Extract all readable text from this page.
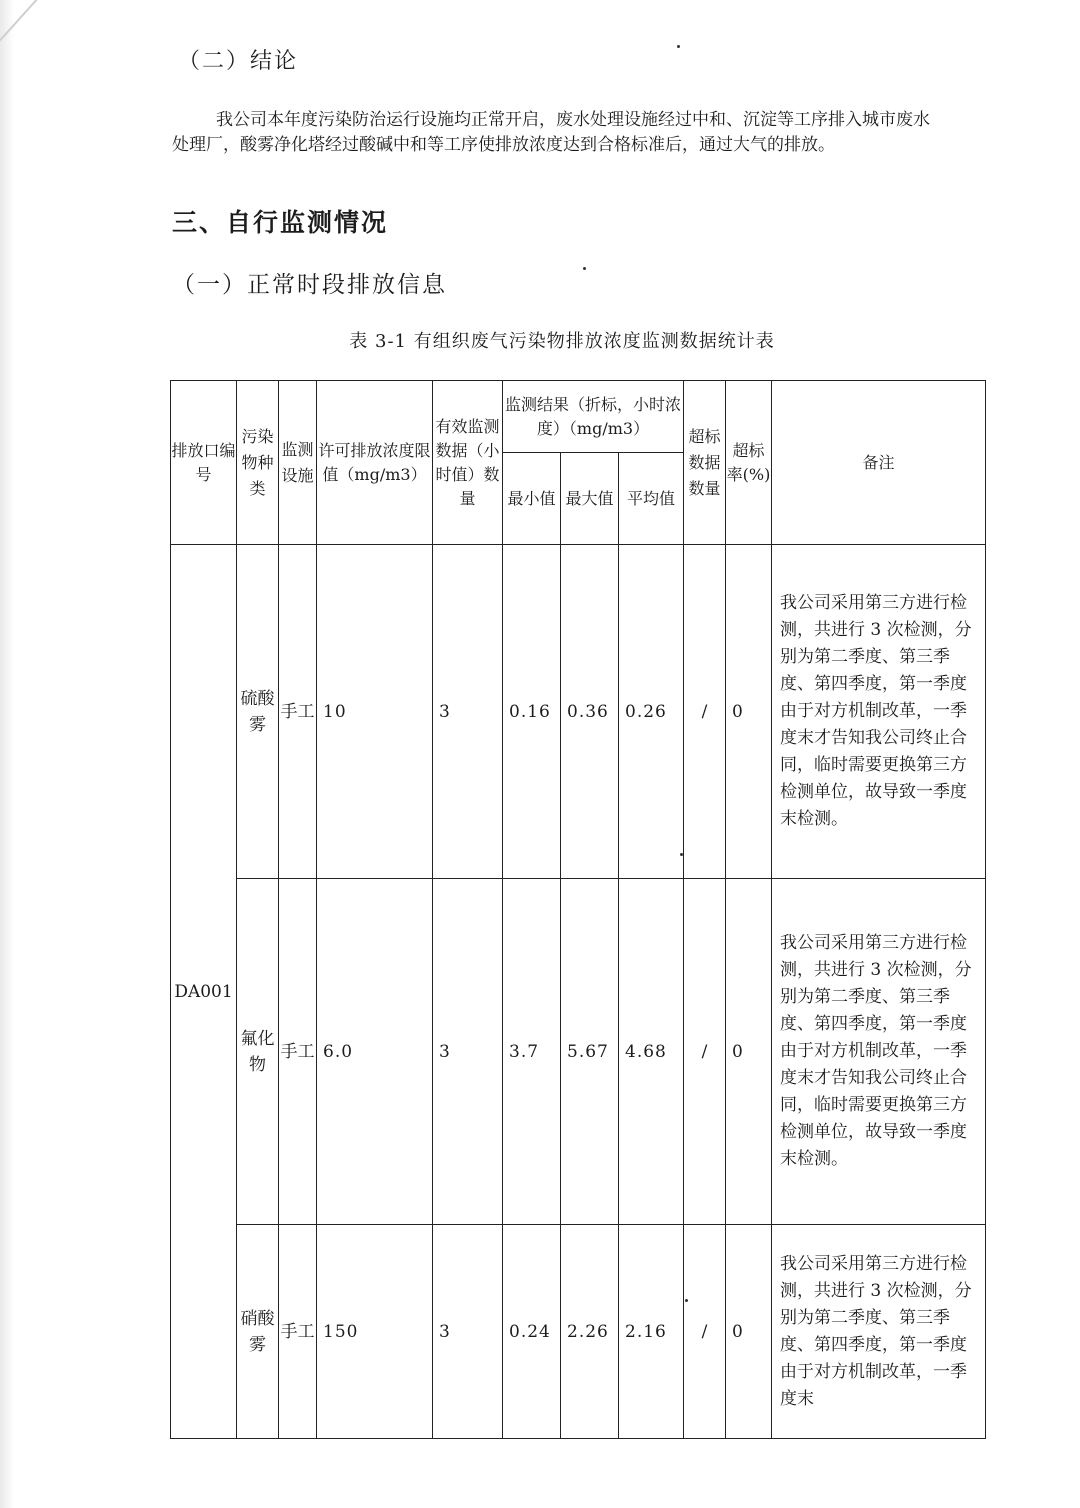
（二）结论
我公司本年度污染防治运行设施均正常开启，废水处理设施经过中和、沉淀等工序排入城市废水处理厂，酸雾净化塔经过酸碱中和等工序使排放浓度达到合格标准后，通过大气的排放。
三、自行监测情况
（一）正常时段排放信息
表 3-1 有组织废气污染物排放浓度监测数据统计表
排放口编号	污染物种类	监测设施	许可排放浓度限值（mg/m3）	有效监测数据（小时值）数量	监测结果（折标，小时浓度）（mg/m3）			超标数据数量	超标率(%)	备注
					最小值	最大值	平均值			
DA001	硫酸雾	手工	10	3	0.16	0.36	0.26	/	0	我公司采用第三方进行检测，共进行 3 次检测，分别为第二季度、第三季度、第四季度，第一季度由于对方机制改革，一季度末才告知我公司终止合同，临时需要更换第三方检测单位，故导致一季度末检测。
	氟化物	手工	6.0	3	3.7	5.67	4.68	/	0	我公司采用第三方进行检测，共进行 3 次检测，分别为第二季度、第三季度、第四季度，第一季度由于对方机制改革，一季度末才告知我公司终止合同，临时需要更换第三方检测单位，故导致一季度末检测。
	硝酸雾	手工	150	3	0.24	2.26	2.16	/	0	我公司采用第三方进行检测，共进行 3 次检测，分别为第二季度、第三季度、第四季度，第一季度由于对方机制改革，一季度末
